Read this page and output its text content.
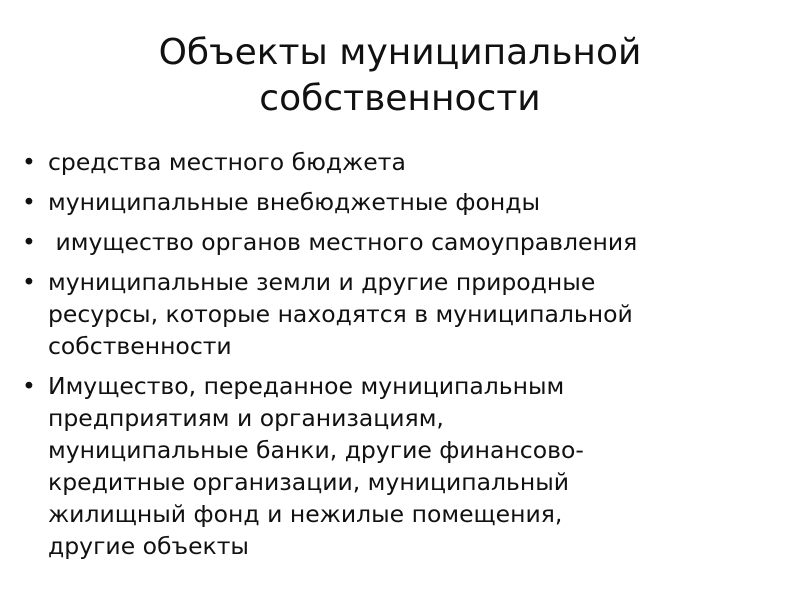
Объекты муниципальной
собственности
• средства местного бюджета
• муниципальные внебюджетные фонды
• имущество органов местного самоуправления
• муниципальные земли и другие природные
ресурсы, которые находятся в муниципальной
собственности
• Имущество, переданное муниципальным
предприятиям и организациям,
муниципальные банки, другие финансово-
кредитные организации, муниципальный
жилищный фонд и нежилые помещения,
другие объекты
